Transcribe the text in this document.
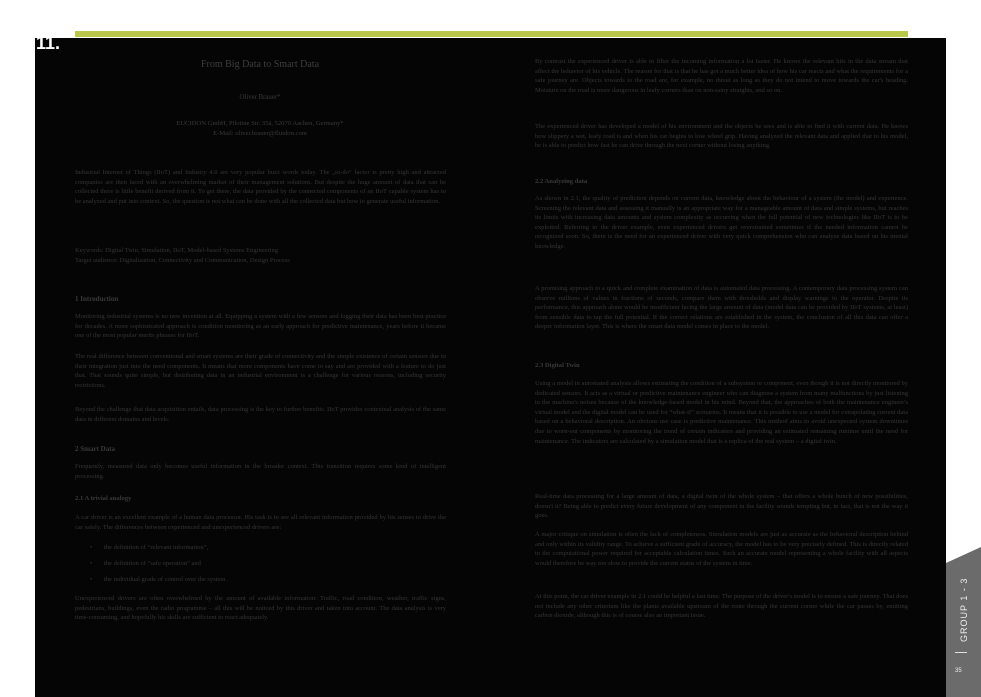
11.
From Big Data to Smart Data
Oliver Brauer*
EUCIDON GmbH, Pilotine Str. 35ä, 52070 Aachen, Germany*
E-Mail: oliver.brauer@fluidon.com

Industrial Internet of Things (IIoT) and Industry 4.0 are very popular buzz words today. The „to-do“ factor is pretty high and attracted companies are then faced with an overwhelming market of their management solutions. But despite the huge amount of data that can be collected there is little benefit derived from it. To get there, the data provided by the connected components of an IIoT capable system has to be analyzed and put into context. So, the question is not what can be done with all the collected data but how to generate useful information.

Keywords: Digital Twin, Simulation, IIoT, Model-based Systems Engineering

Target audience: Digitalization, Connectivity and Communication, Design Process

1 Introduction

Monitoring industrial systems is no new invention at all. Equipping a system with a few sensors and logging their data has been best practice for decades. A more sophisticated approach is condition monitoring as an early approach for predictive maintenance, years before it became one of the most popular merits phrases for IIoT.

The real difference between conventional and smart systems are their grade of connectivity and the simple existence of certain sensors due to their integration just into the need components. It means that more components have come to say and are provided with a feature to do just that. That sounds quite simple, but distributing data in an industrial environment is a challenge for various reasons, including security restrictions.

Beyond the challenge that data acquisition entails, data processing is the key to further benefits. IIoT provides contextual analysis of the same data in different domains and levels.

2 Smart Data

Frequently, measured data only becomes useful information in the broader context. This transition requires some kind of intelligent processing.

2.1 A trivial analogy

A car driver is an excellent example of a human data processor. His task is to see all relevant information provided by his senses to drive the car safely. The differences between experienced and unexperienced drivers are:

• the definition of “relevant information”,

• the definition of “safe operation” and

• the individual grade of control over the system.

Unexperienced drivers are often overwhelmed by the amount of available information: Traffic, road condition, weather, traffic signs, pedestrians, buildings, even the radio programme – all this will be noticed by this driver and taken into account. The data analysis is very time-consuming, and hopefully his skills are sufficient to react adequately.

By contrast the experienced driver is able to filter the incoming information a lot faster. He knows the relevant hits in the data stream that affect the behavior of his vehicle. The reason for that is that he has got a much better idea of how his car reacts and what the requirements for a safe journey are. Objects towards to the road are, for example, no threat as long as they do not intend to move towards the car's heading. Moisture on the road is more dangerous in leafy corners than on non-rainy straights, and so on.

The experienced driver has developed a model of his environment and the objects he sees and is able to find it with current data. He knows how slippery a wet, leafy road is and when his car begins to lose wheel grip. Having analyzed the relevant data and applied that to his model, he is able to predict how fast he can drive through the next corner without losing anything.

2.2 Analyzing data

As shown in 2.1, the quality of prediction depends on current data, knowledge about the behaviour of a system (the model) and experience. Screening the relevant data and assessing it manually is an appropriate way for a manageable amount of data and simple systems, but reaches its limits with increasing data amounts and system complexity as occurring when the full potential of new technologies like IIoT is to be exploited. Referring to the driver example, even experienced drivers get overstrained sometimes if the needed information cannot be recognized soon. So, there is the need for an experienced driver with very quick comprehension who can analyze data based on his mental knowledge.

A promising approach to a quick and complete examination of data is automated data processing. A contemporary data processing system can observe millions of values in fractions of seconds, compare them with thresholds and display warnings to the operator. Despite its performance, this approach alone would be insufficient facing the large amount of data (model data can be provided by IIoT systems, at least) from sensible data to tap the full potential. If the correct relations are established in the system, the conclusion of all this data can offer a deeper information layer. This is where the smart data model comes in place to the model.

2.3 Digital Twin

Using a model in automated analysis allows estimating the condition of a subsystem or component, even though it is not directly monitored by dedicated sensors. It acts as a virtual or predictive maintenance engineer who can diagnose a system from many malfunctions by just listening to the machine's noises because of the knowledge-based model in his mind. Beyond that, the approaches of both the maintenance engineer's virtual model and the digital model can be used for “what-if” scenarios. It means that it is possible to use a model for extrapolating current data based on a behavioral description. An obvious use case is predictive maintenance. This method aims to avoid unexpected system downtimes due to worn-out components by monitoring the trend of certain indicators and providing an estimated remaining runtime until the need for maintenance. The indicators are calculated by a simulation model that is a replica of the real system – a digital twin.

Real-time data processing for a large amount of data, a digital twin of the whole system – that offers a whole bunch of new possibilities, doesn't it? Being able to predict every future development of any component in the facility sounds tempting but, in fact, that is not the way it goes.

A major critique on simulation is often the lack of completeness. Simulation models are just as accurate as the behavioral description behind and only within its validity range. To achieve a sufficient grade of accuracy, the model has to be very precisely defined. This is directly related to the computational power required for acceptable calculation times. Such an accurate model representing a whole facility with all aspects would therefore be way too slow to provide the current status of the system in time.

At this point, the car driver example in 2.1 could be helpful a last time. The purpose of the driver's model is to ensure a safe journey. That does not include any other criterium like the plants available upstream of the route through the current corner while the car passes by, emitting carbon dioxide, although this is of course also an important issue.	GROUP 1 - 3
35
